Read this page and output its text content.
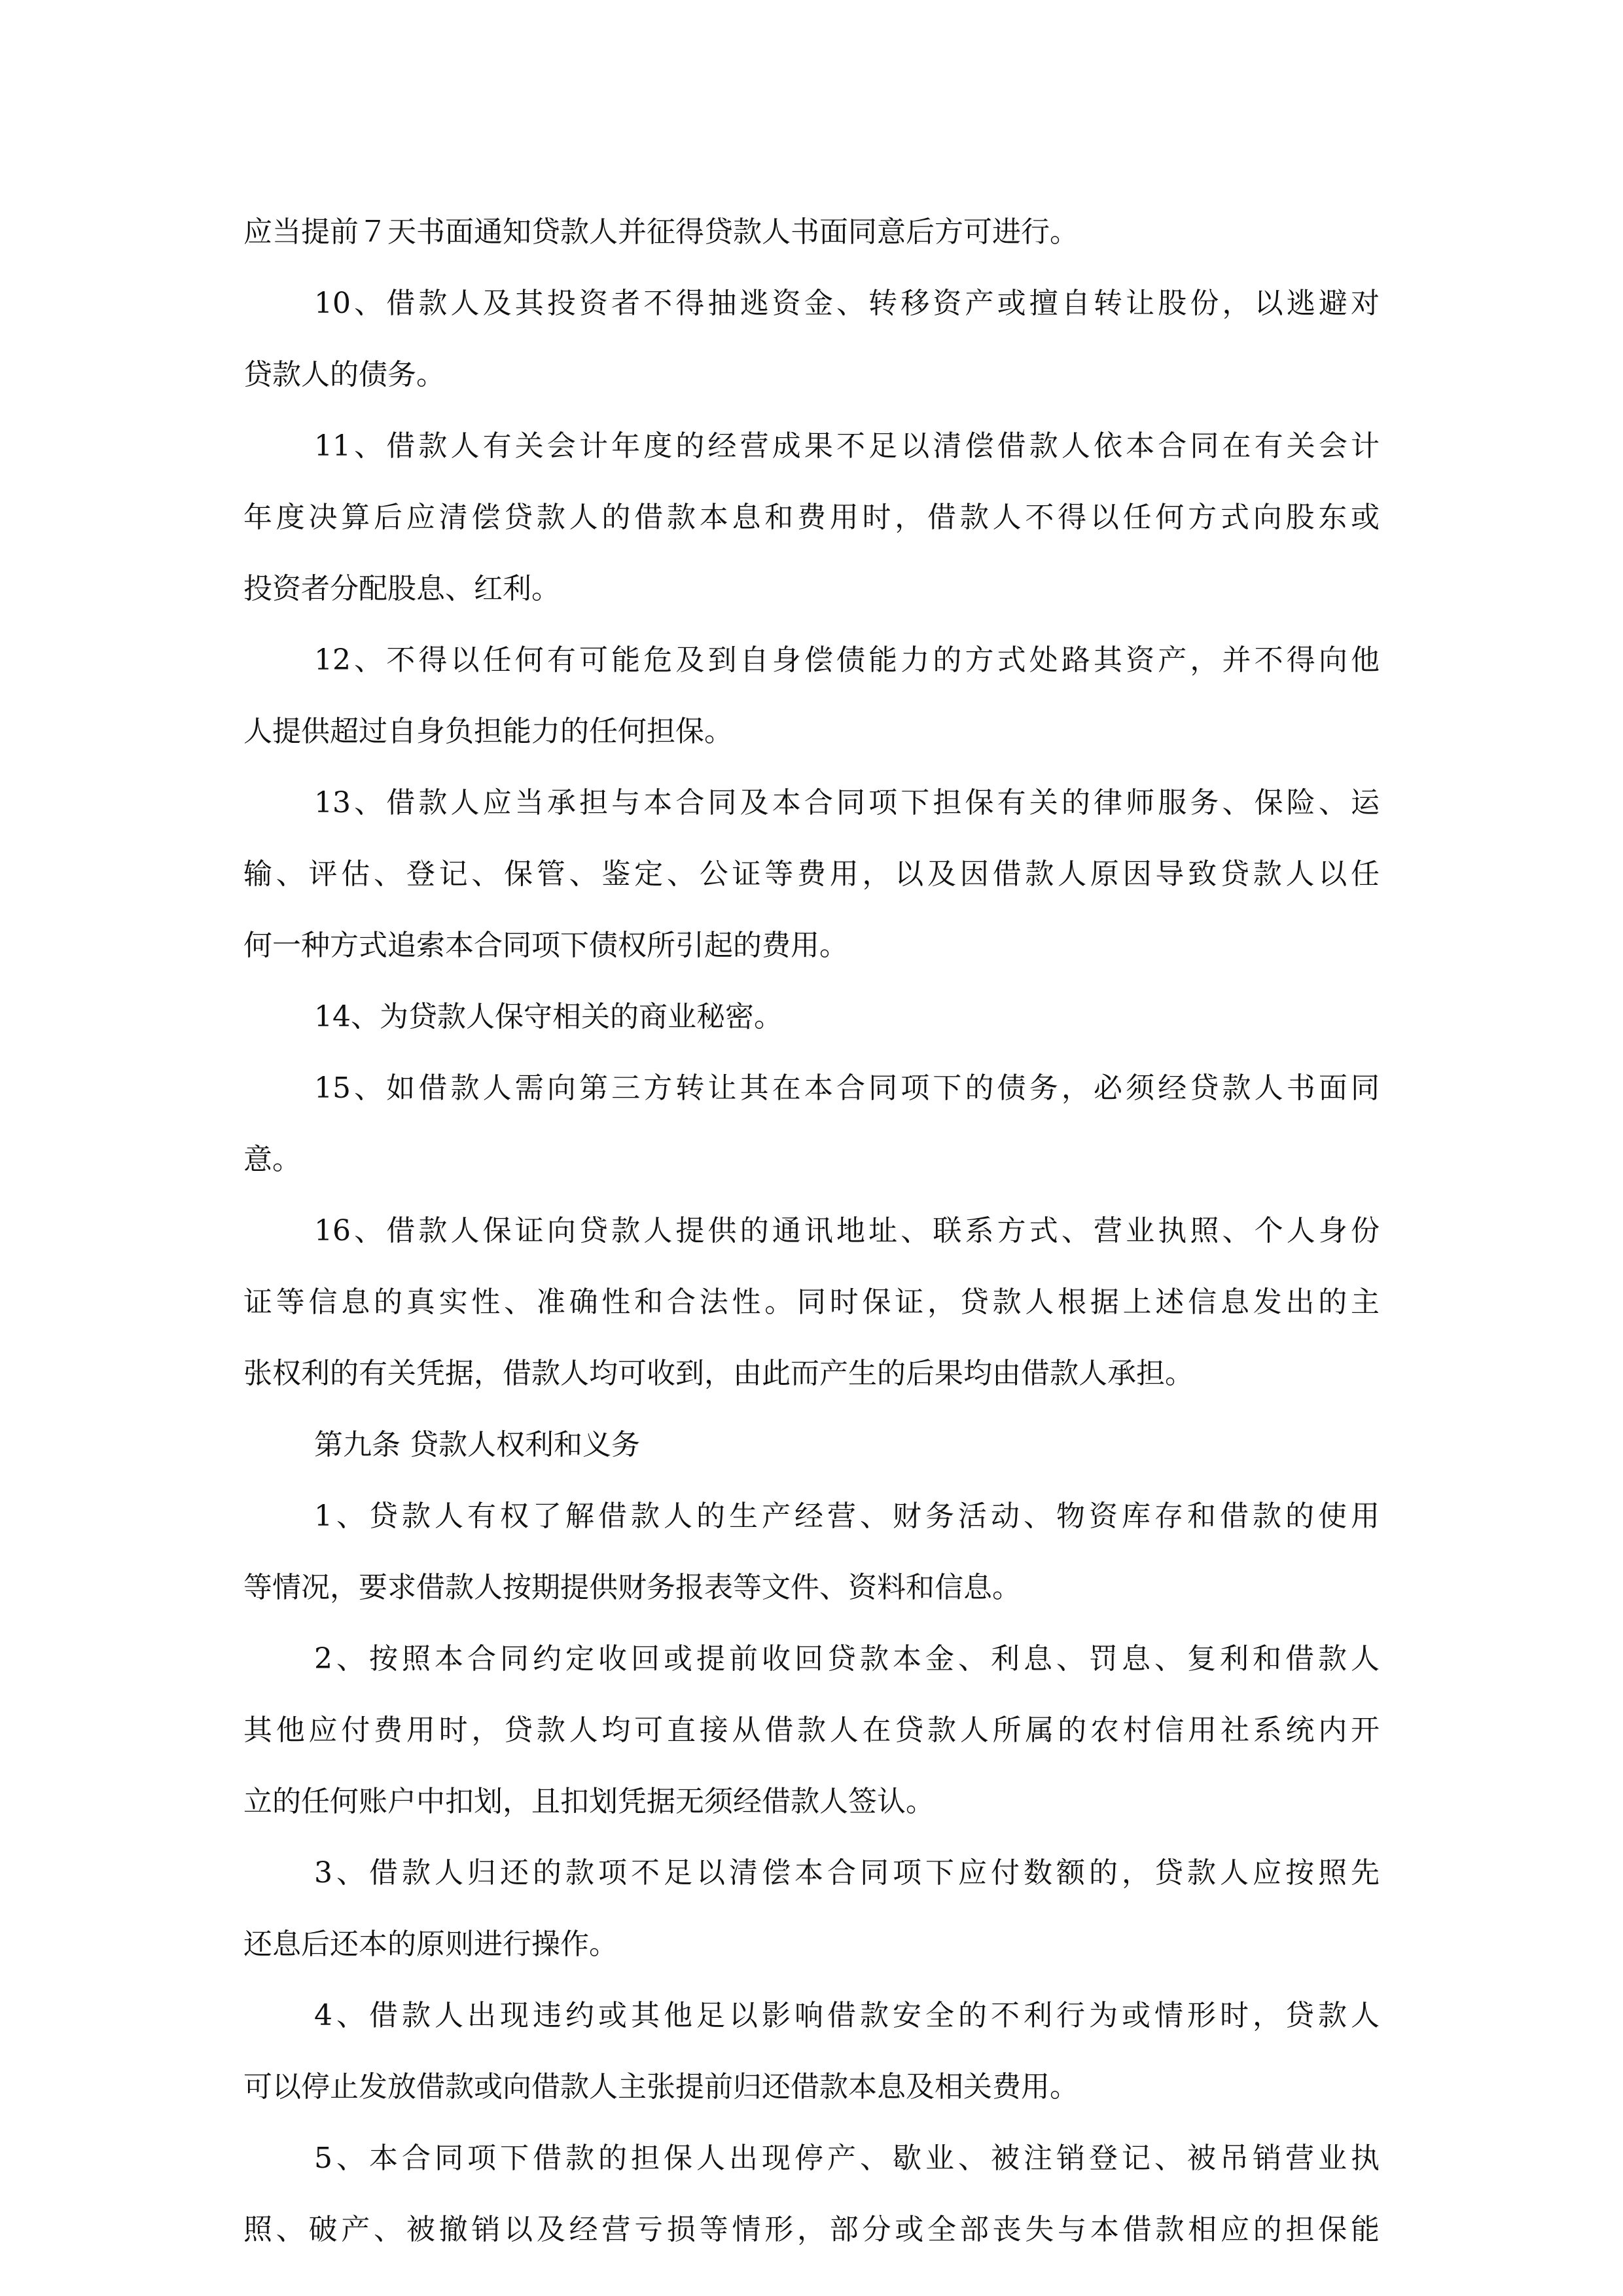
应当提前７天书面通知贷款人并征得贷款人书面同意后方可进行。
10、借款人及其投资者不得抽逃资金、转移资产或擅自转让股份，以逃避对
贷款人的债务。
11、借款人有关会计年度的经营成果不足以清偿借款人依本合同在有关会计
年度决算后应清偿贷款人的借款本息和费用时，借款人不得以任何方式向股东或
投资者分配股息、红利。
12、不得以任何有可能危及到自身偿债能力的方式处路其资产，并不得向他
人提供超过自身负担能力的任何担保。
13、借款人应当承担与本合同及本合同项下担保有关的律师服务、保险、运
输、评估、登记、保管、鉴定、公证等费用，以及因借款人原因导致贷款人以任
何一种方式追索本合同项下债权所引起的费用。
14、为贷款人保守相关的商业秘密。
15、如借款人需向第三方转让其在本合同项下的债务，必须经贷款人书面同
意。
16、借款人保证向贷款人提供的通讯地址、联系方式、营业执照、个人身份
证等信息的真实性、准确性和合法性。同时保证，贷款人根据上述信息发出的主
张权利的有关凭据，借款人均可收到，由此而产生的后果均由借款人承担。
第九条 贷款人权利和义务
1、贷款人有权了解借款人的生产经营、财务活动、物资库存和借款的使用
等情况，要求借款人按期提供财务报表等文件、资料和信息。
2、按照本合同约定收回或提前收回贷款本金、利息、罚息、复利和借款人
其他应付费用时，贷款人均可直接从借款人在贷款人所属的农村信用社系统内开
立的任何账户中扣划，且扣划凭据无须经借款人签认。
3、借款人归还的款项不足以清偿本合同项下应付数额的，贷款人应按照先
还息后还本的原则进行操作。
4、借款人出现违约或其他足以影响借款安全的不利行为或情形时，贷款人
可以停止发放借款或向借款人主张提前归还借款本息及相关费用。
5、本合同项下借款的担保人出现停产、歇业、被注销登记、被吊销营业执
照、破产、被撤销以及经营亏损等情形，部分或全部丧失与本借款相应的担保能
